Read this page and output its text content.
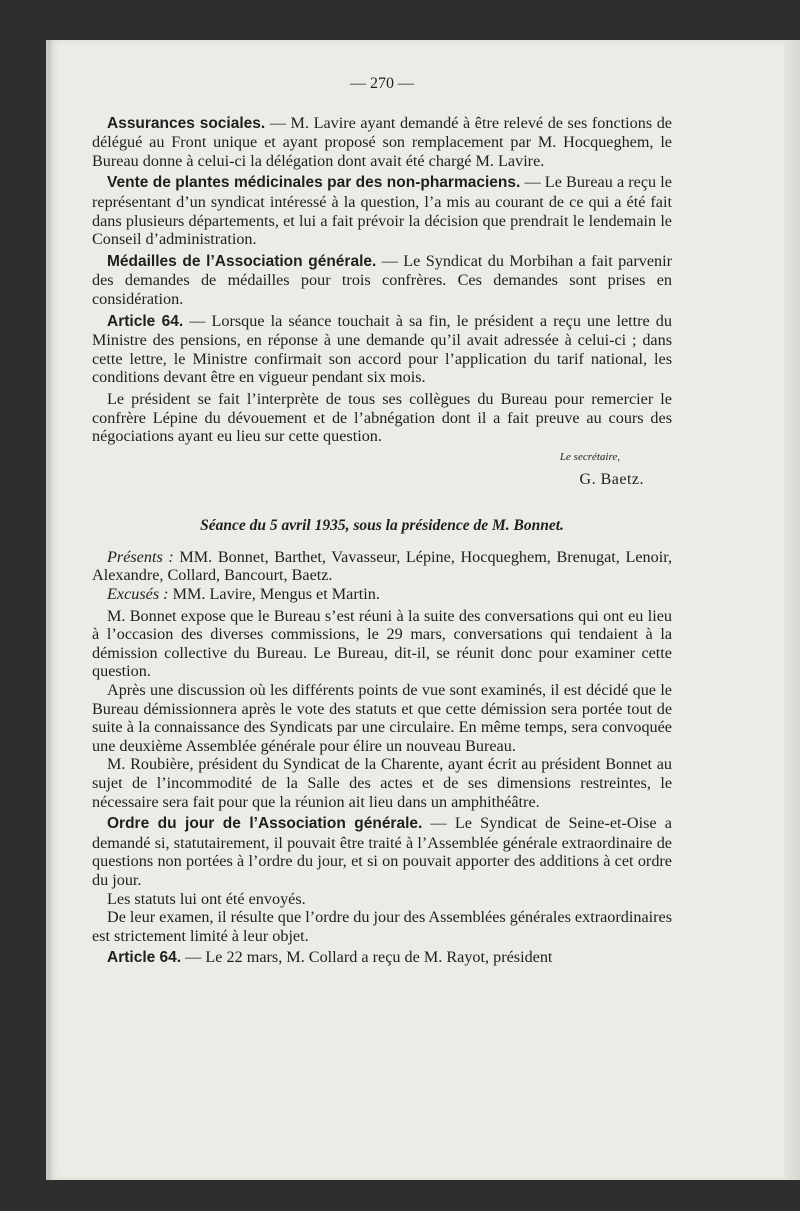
— 270 —

Assurances sociales. — M. Lavire ayant demandé à être relevé de ses fonctions de délégué au Front unique et ayant proposé son remplacement par M. Hocqueghem, le Bureau donne à celui-ci la délégation dont avait été chargé M. Lavire.

Vente de plantes médicinales par des non-pharmaciens. — Le Bureau a reçu le représentant d’un syndicat intéressé à la question, l’a mis au courant de ce qui a été fait dans plusieurs départements, et lui a fait prévoir la décision que prendrait le lendemain le Conseil d’administration.

Médailles de l’Association générale. — Le Syndicat du Morbihan a fait parvenir des demandes de médailles pour trois confrères. Ces demandes sont prises en considération.

Article 64. — Lorsque la séance touchait à sa fin, le président a reçu une lettre du Ministre des pensions, en réponse à une demande qu’il avait adressée à celui-ci ; dans cette lettre, le Ministre confirmait son accord pour l’application du tarif national, les conditions devant être en vigueur pendant six mois.

Le président se fait l’interprète de tous ses collègues du Bureau pour remercier le confrère Lépine du dévouement et de l’abnégation dont il a fait preuve au cours des négociations ayant eu lieu sur cette question.

Le secrétaire,
G. Baetz.
Séance du 5 avril 1935, sous la présidence de M. Bonnet.

Présents : MM. Bonnet, Barthet, Vavasseur, Lépine, Hocqueghem, Brenugat, Lenoir, Alexandre, Collard, Bancourt, Baetz.

Excusés : MM. Lavire, Mengus et Martin.

M. Bonnet expose que le Bureau s’est réuni à la suite des conversations qui ont eu lieu à l’occasion des diverses commissions, le 29 mars, conversations qui tendaient à la démission collective du Bureau. Le Bureau, dit-il, se réunit donc pour examiner cette question.

Après une discussion où les différents points de vue sont examinés, il est décidé que le Bureau démissionnera après le vote des statuts et que cette démission sera portée tout de suite à la connaissance des Syndicats par une circulaire. En même temps, sera convoquée une deuxième Assemblée générale pour élire un nouveau Bureau.

M. Roubière, président du Syndicat de la Charente, ayant écrit au président Bonnet au sujet de l’incommodité de la Salle des actes et de ses dimensions restreintes, le nécessaire sera fait pour que la réunion ait lieu dans un amphithéâtre.

Ordre du jour de l’Association générale. — Le Syndicat de Seine-et-Oise a demandé si, statutairement, il pouvait être traité à l’Assemblée générale extraordinaire de questions non portées à l’ordre du jour, et si on pouvait apporter des additions à cet ordre du jour.

Les statuts lui ont été envoyés.

De leur examen, il résulte que l’ordre du jour des Assemblées générales extraordinaires est strictement limité à leur objet.

Article 64. — Le 22 mars, M. Collard a reçu de M. Rayot, président
